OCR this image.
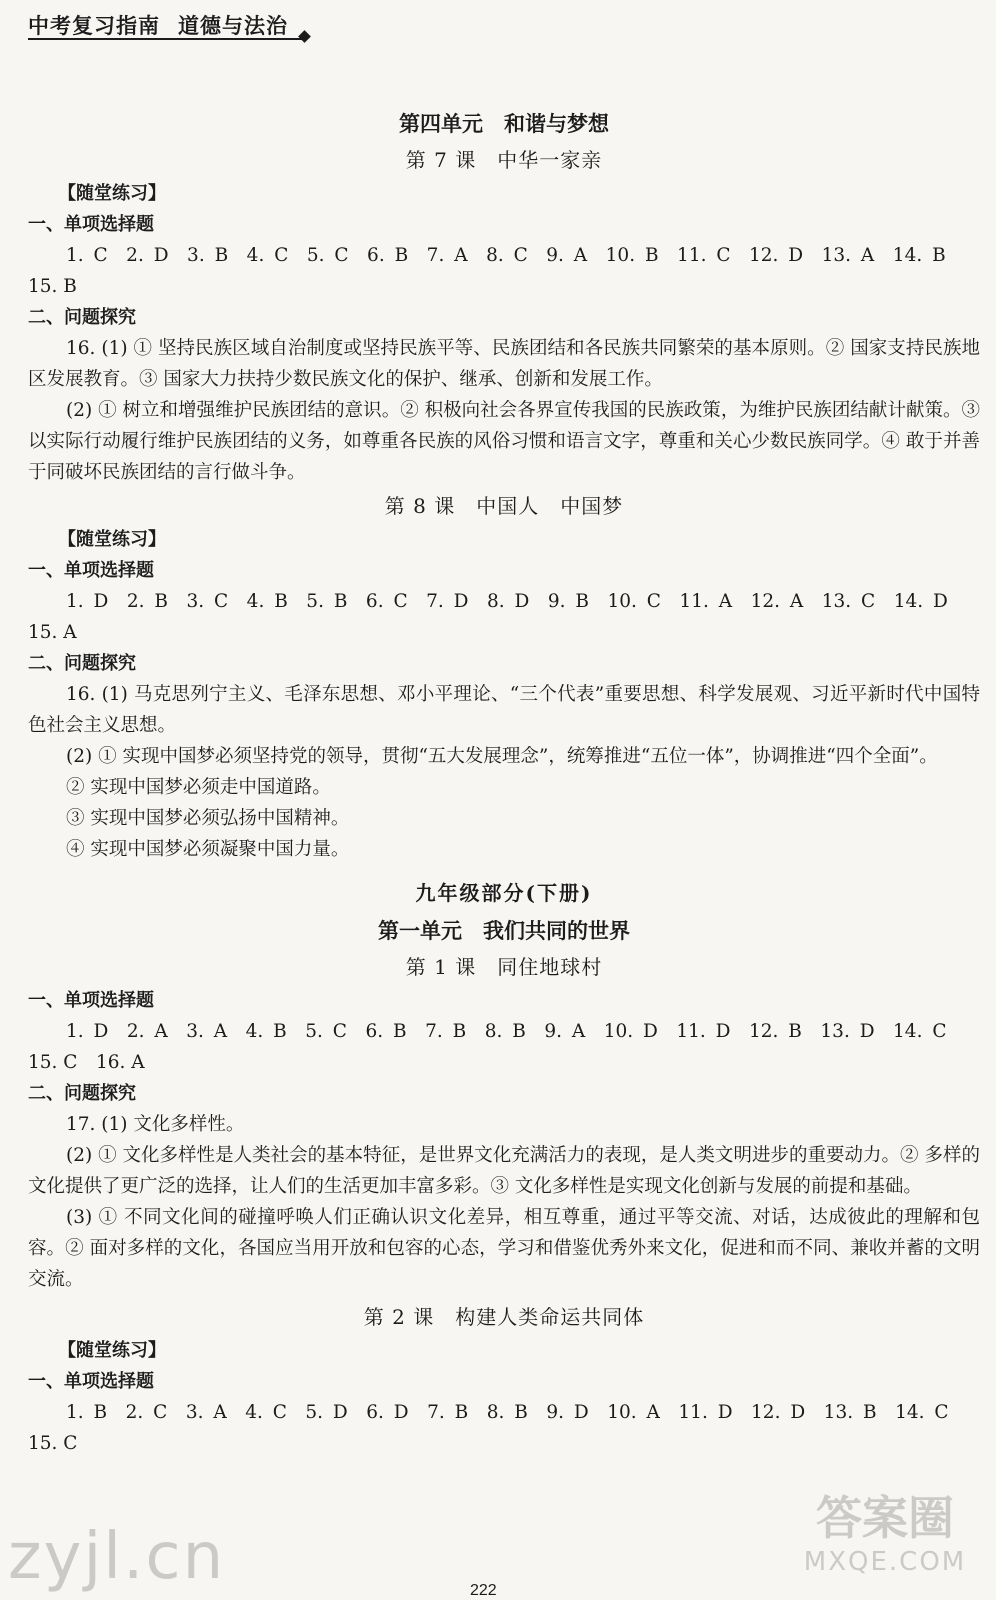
中考复习指南 道德与法治
第四单元　和谐与梦想
第 7 课　中华一家亲
【随堂练习】
一、单项选择题
1. C　2. D　3. B　4. C　5. C　6. B　7. A　8. C　9. A　10. B　11. C　12. D　13. A　14. B
15. B
二、问题探究
16. (1) ① 坚持民族区域自治制度或坚持民族平等、民族团结和各民族共同繁荣的基本原则。② 国家支持民族地区发展教育。③ 国家大力扶持少数民族文化的保护、继承、创新和发展工作。
(2) ① 树立和增强维护民族团结的意识。② 积极向社会各界宣传我国的民族政策，为维护民族团结献计献策。③ 以实际行动履行维护民族团结的义务，如尊重各民族的风俗习惯和语言文字，尊重和关心少数民族同学。④ 敢于并善于同破坏民族团结的言行做斗争。
第 8 课　中国人　中国梦
【随堂练习】
一、单项选择题
1. D　2. B　3. C　4. B　5. B　6. C　7. D　8. D　9. B　10. C　11. A　12. A　13. C　14. D
15. A
二、问题探究
16. (1) 马克思列宁主义、毛泽东思想、邓小平理论、“三个代表”重要思想、科学发展观、习近平新时代中国特色社会主义思想。
(2) ① 实现中国梦必须坚持党的领导，贯彻“五大发展理念”，统筹推进“五位一体”，协调推进“四个全面”。
② 实现中国梦必须走中国道路。
③ 实现中国梦必须弘扬中国精神。
④ 实现中国梦必须凝聚中国力量。
九年级部分(下册)
第一单元　我们共同的世界
第 1 课　同住地球村
一、单项选择题
1. D　2. A　3. A　4. B　5. C　6. B　7. B　8. B　9. A　10. D　11. D　12. B　13. D　14. C
15. C　16. A
二、问题探究
17. (1) 文化多样性。
(2) ① 文化多样性是人类社会的基本特征，是世界文化充满活力的表现，是人类文明进步的重要动力。② 多样的文化提供了更广泛的选择，让人们的生活更加丰富多彩。③ 文化多样性是实现文化创新与发展的前提和基础。
(3) ① 不同文化间的碰撞呼唤人们正确认识文化差异，相互尊重，通过平等交流、对话，达成彼此的理解和包容。② 面对多样的文化，各国应当用开放和包容的心态，学习和借鉴优秀外来文化，促进和而不同、兼收并蓄的文明交流。
第 2 课　构建人类命运共同体
【随堂练习】
一、单项选择题
1. B　2. C　3. A　4. C　5. D　6. D　7. B　8. B　9. D　10. A　11. D　12. D　13. B　14. C
15. C
zyjl.cn
答案圈
MXQE.COM
222
